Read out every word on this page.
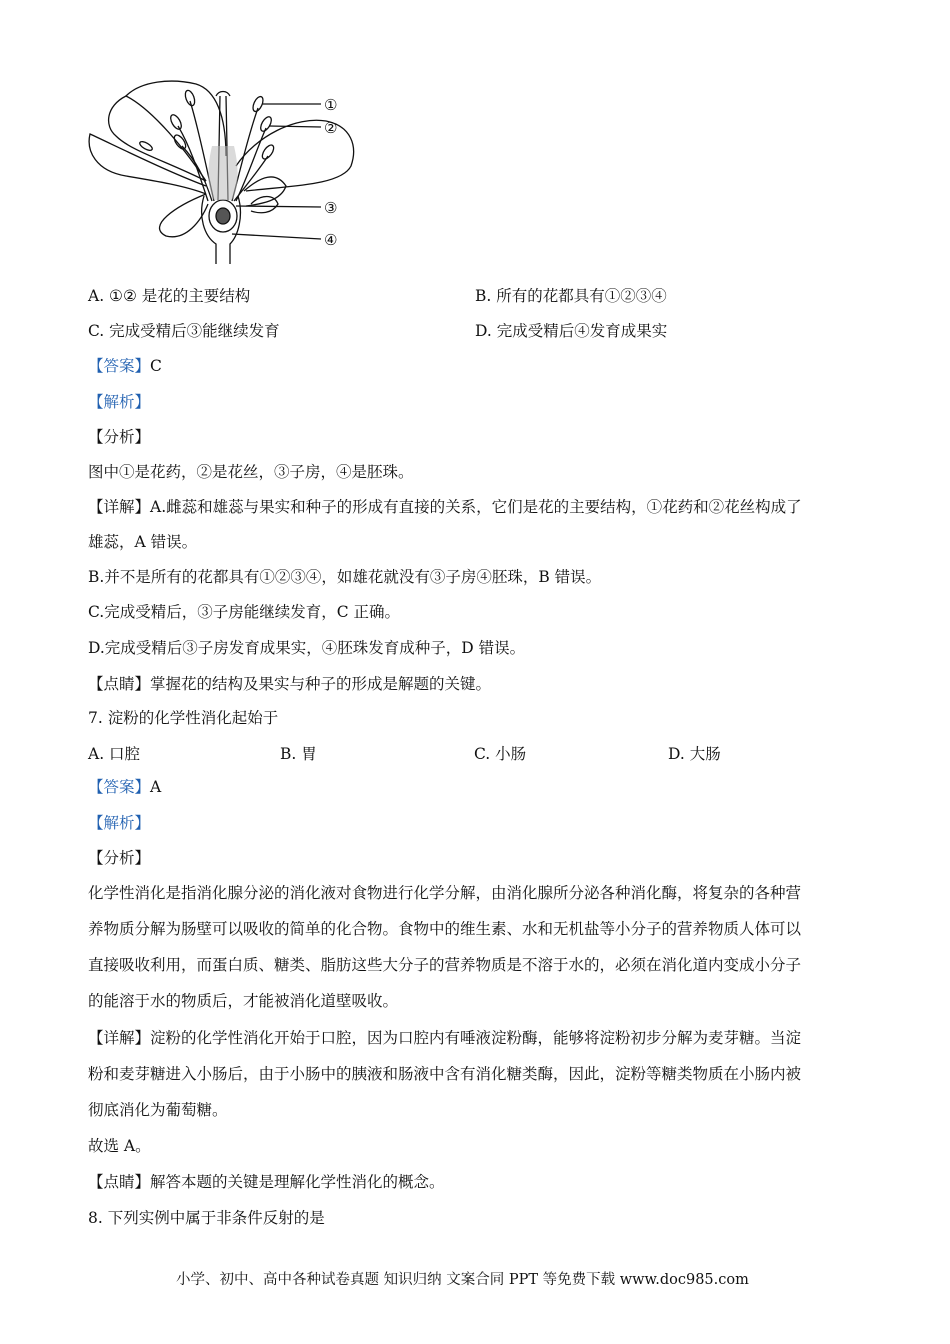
①
②
③
④
A. ①② 是花的主要结构	B. 所有的花都具有①②③④
C. 完成受精后③能继续发育	D. 完成受精后④发育成果实
【答案】C
【解析】
【分析】
图中①是花药，②是花丝，③子房，④是胚珠。
【详解】A.雌蕊和雄蕊与果实和种子的形成有直接的关系，它们是花的主要结构，①花药和②花丝构成了
雄蕊，A 错误。
B.并不是所有的花都具有①②③④，如雄花就没有③子房④胚珠，B 错误。
C.完成受精后，③子房能继续发育，C 正确。
D.完成受精后③子房发育成果实，④胚珠发育成种子，D 错误。
【点睛】掌握花的结构及果实与种子的形成是解题的关键。
7. 淀粉的化学性消化起始于
A. 口腔	B. 胃	C. 小肠	D. 大肠
【答案】A
【解析】
【分析】
化学性消化是指消化腺分泌的消化液对食物进行化学分解，由消化腺所分泌各种消化酶，将复杂的各种营
养物质分解为肠壁可以吸收的简单的化合物。食物中的维生素、水和无机盐等小分子的营养物质人体可以
直接吸收利用，而蛋白质、糖类、脂肪这些大分子的营养物质是不溶于水的，必须在消化道内变成小分子
的能溶于水的物质后，才能被消化道壁吸收。
【详解】淀粉的化学性消化开始于口腔，因为口腔内有唾液淀粉酶，能够将淀粉初步分解为麦芽糖。当淀
粉和麦芽糖进入小肠后，由于小肠中的胰液和肠液中含有消化糖类酶，因此，淀粉等糖类物质在小肠内被
彻底消化为葡萄糖。
故选 A。
【点睛】解答本题的关键是理解化学性消化的概念。
8. 下列实例中属于非条件反射的是
小学、初中、高中各种试卷真题 知识归纳 文案合同 PPT 等免费下载 www.doc985.com
